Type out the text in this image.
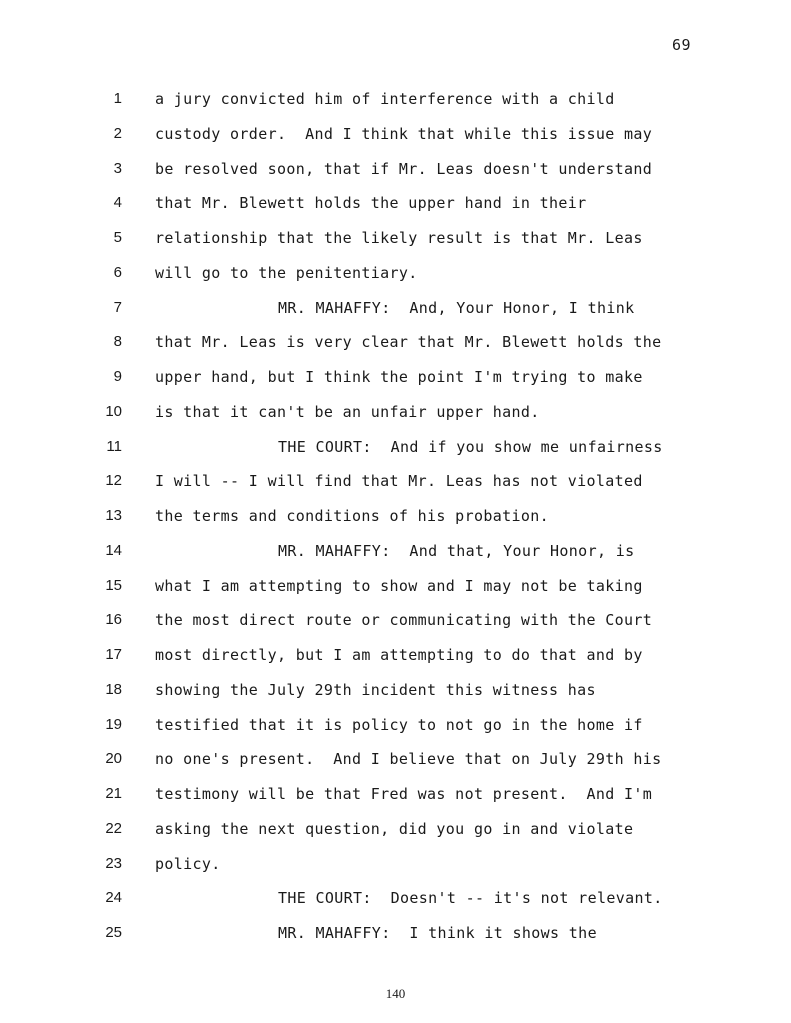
69
1 a jury convicted him of interference with a child
2 custody order.  And I think that while this issue may
3 be resolved soon, that if Mr. Leas doesn't understand
4 that Mr. Blewett holds the upper hand in their
5 relationship that the likely result is that Mr. Leas
6 will go to the penitentiary.
7	MR. MAHAFFY:  And, Your Honor, I think
8 that Mr. Leas is very clear that Mr. Blewett holds the
9 upper hand, but I think the point I'm trying to make
10 is that it can't be an unfair upper hand.
11	THE COURT:  And if you show me unfairness
12 I will -- I will find that Mr. Leas has not violated
13 the terms and conditions of his probation.
14	MR. MAHAFFY:  And that, Your Honor, is
15 what I am attempting to show and I may not be taking
16 the most direct route or communicating with the Court
17 most directly, but I am attempting to do that and by
18 showing the July 29th incident this witness has
19 testified that it is policy to not go in the home if
20 no one's present.  And I believe that on July 29th his
21 testimony will be that Fred was not present.  And I'm
22 asking the next question, did you go in and violate
23 policy.
24	THE COURT:  Doesn't -- it's not relevant.
25	MR. MAHAFFY:  I think it shows the
140
